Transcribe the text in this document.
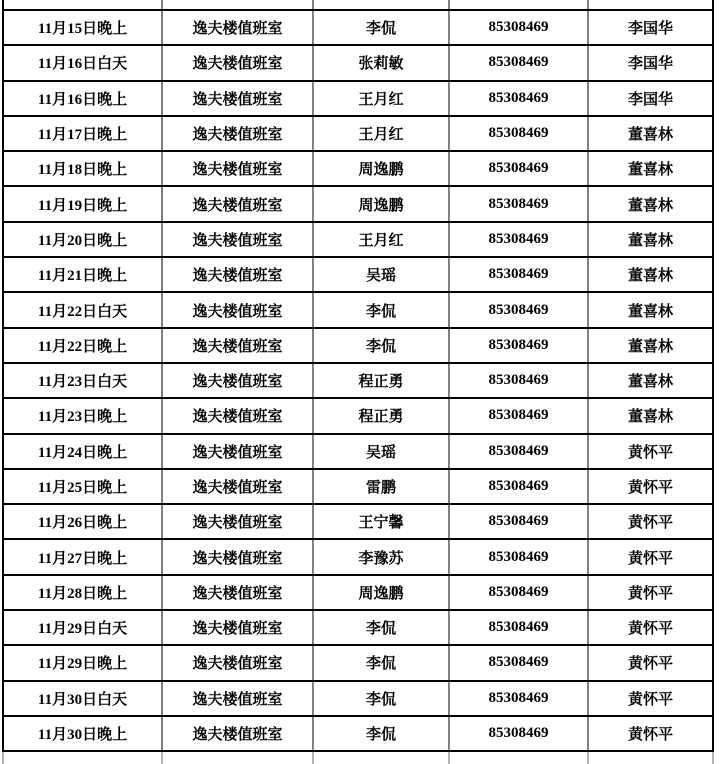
11月15日晚上	逸夫楼值班室	李侃	85308469	李国华
11月16日白天	逸夫楼值班室	张莉敏	85308469	李国华
11月16日晚上	逸夫楼值班室	王月红	85308469	李国华
11月17日晚上	逸夫楼值班室	王月红	85308469	董喜林
11月18日晚上	逸夫楼值班室	周逸鹏	85308469	董喜林
11月19日晚上	逸夫楼值班室	周逸鹏	85308469	董喜林
11月20日晚上	逸夫楼值班室	王月红	85308469	董喜林
11月21日晚上	逸夫楼值班室	吴瑶	85308469	董喜林
11月22日白天	逸夫楼值班室	李侃	85308469	董喜林
11月22日晚上	逸夫楼值班室	李侃	85308469	董喜林
11月23日白天	逸夫楼值班室	程正勇	85308469	董喜林
11月23日晚上	逸夫楼值班室	程正勇	85308469	董喜林
11月24日晚上	逸夫楼值班室	吴瑶	85308469	黄怀平
11月25日晚上	逸夫楼值班室	雷鹏	85308469	黄怀平
11月26日晚上	逸夫楼值班室	王宁馨	85308469	黄怀平
11月27日晚上	逸夫楼值班室	李豫苏	85308469	黄怀平
11月28日晚上	逸夫楼值班室	周逸鹏	85308469	黄怀平
11月29日白天	逸夫楼值班室	李侃	85308469	黄怀平
11月29日晚上	逸夫楼值班室	李侃	85308469	黄怀平
11月30日白天	逸夫楼值班室	李侃	85308469	黄怀平
11月30日晚上	逸夫楼值班室	李侃	85308469	黄怀平
